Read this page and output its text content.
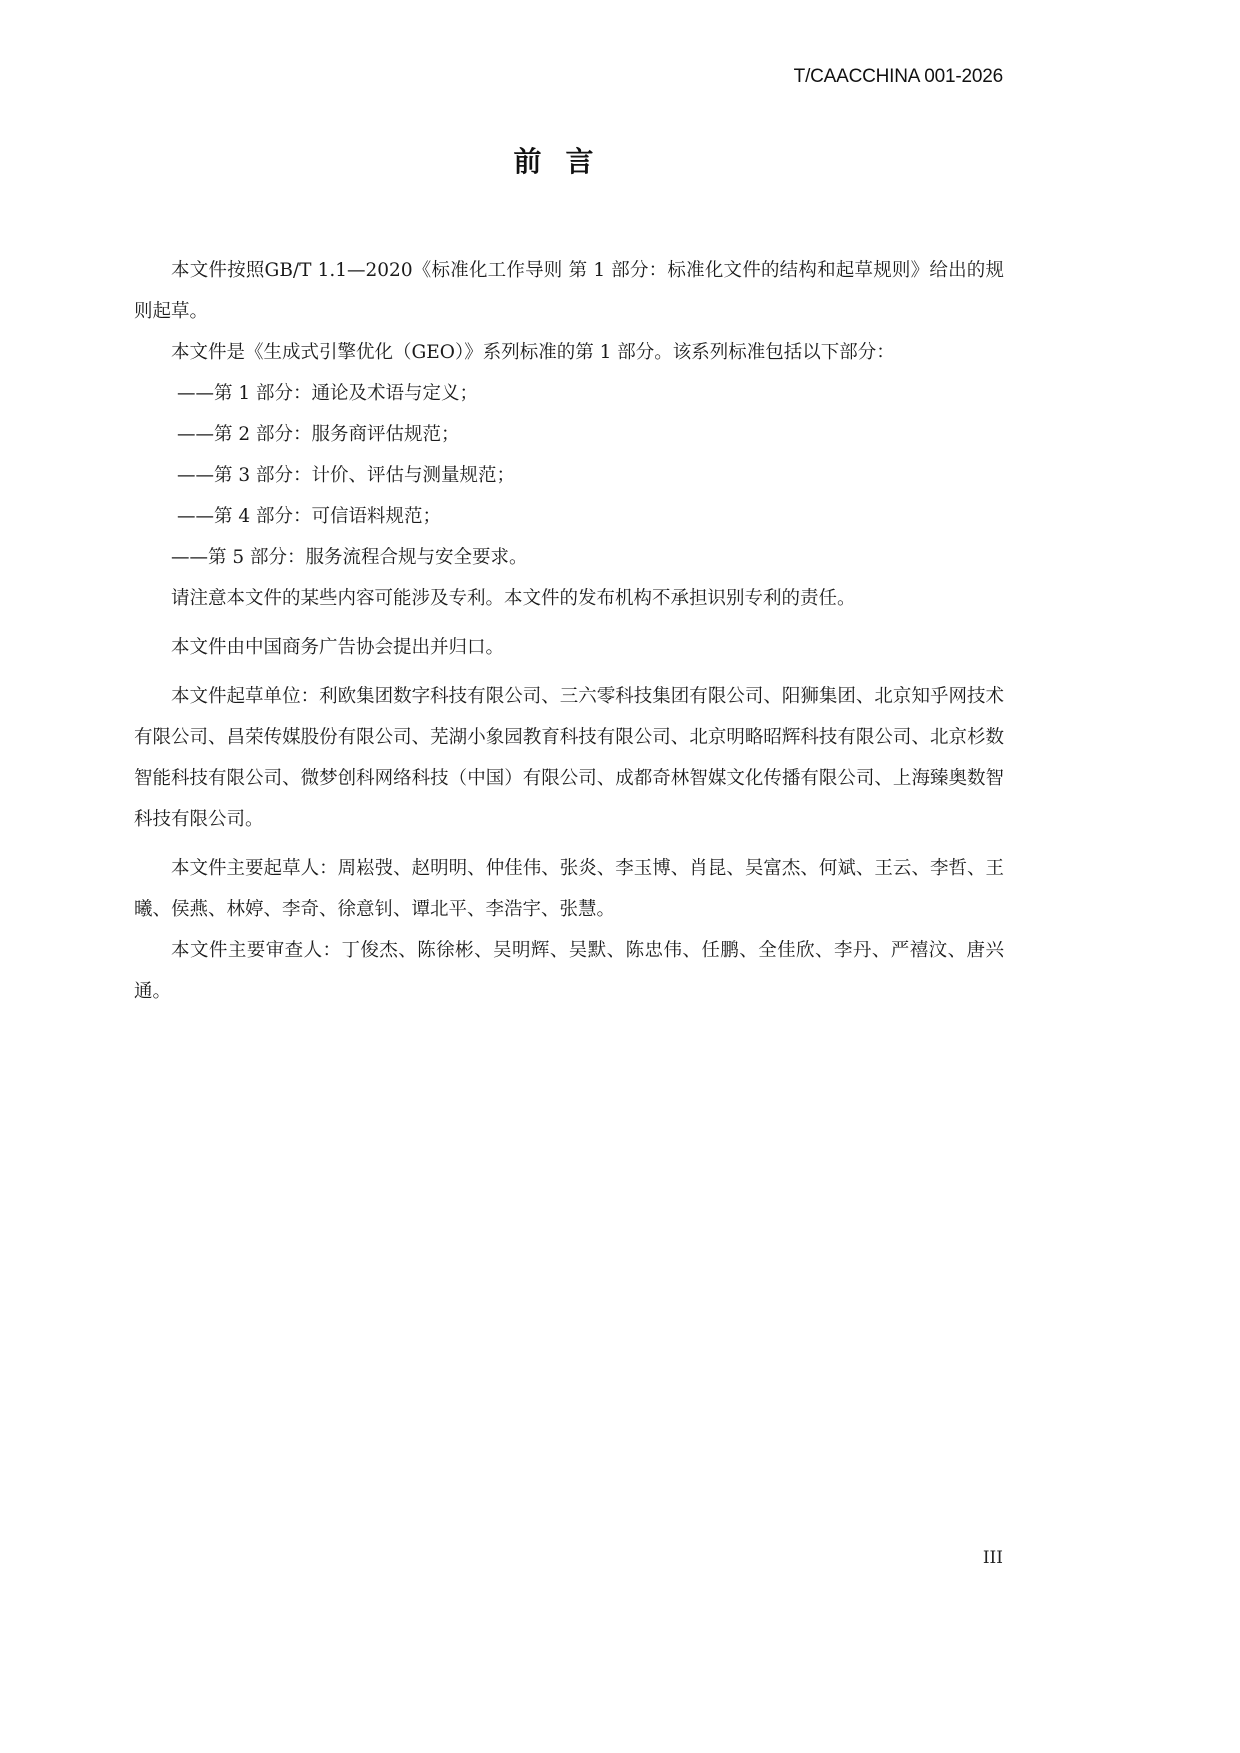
T/CAACCHINA 001-2026
前言

本文件按照GB/T 1.1—2020《标准化工作导则 第 1 部分：标准化文件的结构和起草规则》给出的规则起草。

本文件是《生成式引擎优化（GEO）》系列标准的第 1 部分。该系列标准包括以下部分：

——第 1 部分：通论及术语与定义；

——第 2 部分：服务商评估规范；

——第 3 部分：计价、评估与测量规范；

——第 4 部分：可信语料规范；

——第 5 部分：服务流程合规与安全要求。

请注意本文件的某些内容可能涉及专利。本文件的发布机构不承担识别专利的责任。

本文件由中国商务广告协会提出并归口。

本文件起草单位：利欧集团数字科技有限公司、三六零科技集团有限公司、阳狮集团、北京知乎网技术有限公司、昌荣传媒股份有限公司、芜湖小象园教育科技有限公司、北京明略昭辉科技有限公司、北京杉数智能科技有限公司、微梦创科网络科技（中国）有限公司、成都奇林智媒文化传播有限公司、上海臻奥数智科技有限公司。

本文件主要起草人：周崧弢、赵明明、仲佳伟、张炎、李玉博、肖昆、吴富杰、何斌、王云、李哲、王曦、侯燕、林婷、李奇、徐意钊、谭北平、李浩宇、张慧。

本文件主要审查人：丁俊杰、陈徐彬、吴明辉、吴默、陈忠伟、任鹏、全佳欣、李丹、严禧汶、唐兴通。

III
